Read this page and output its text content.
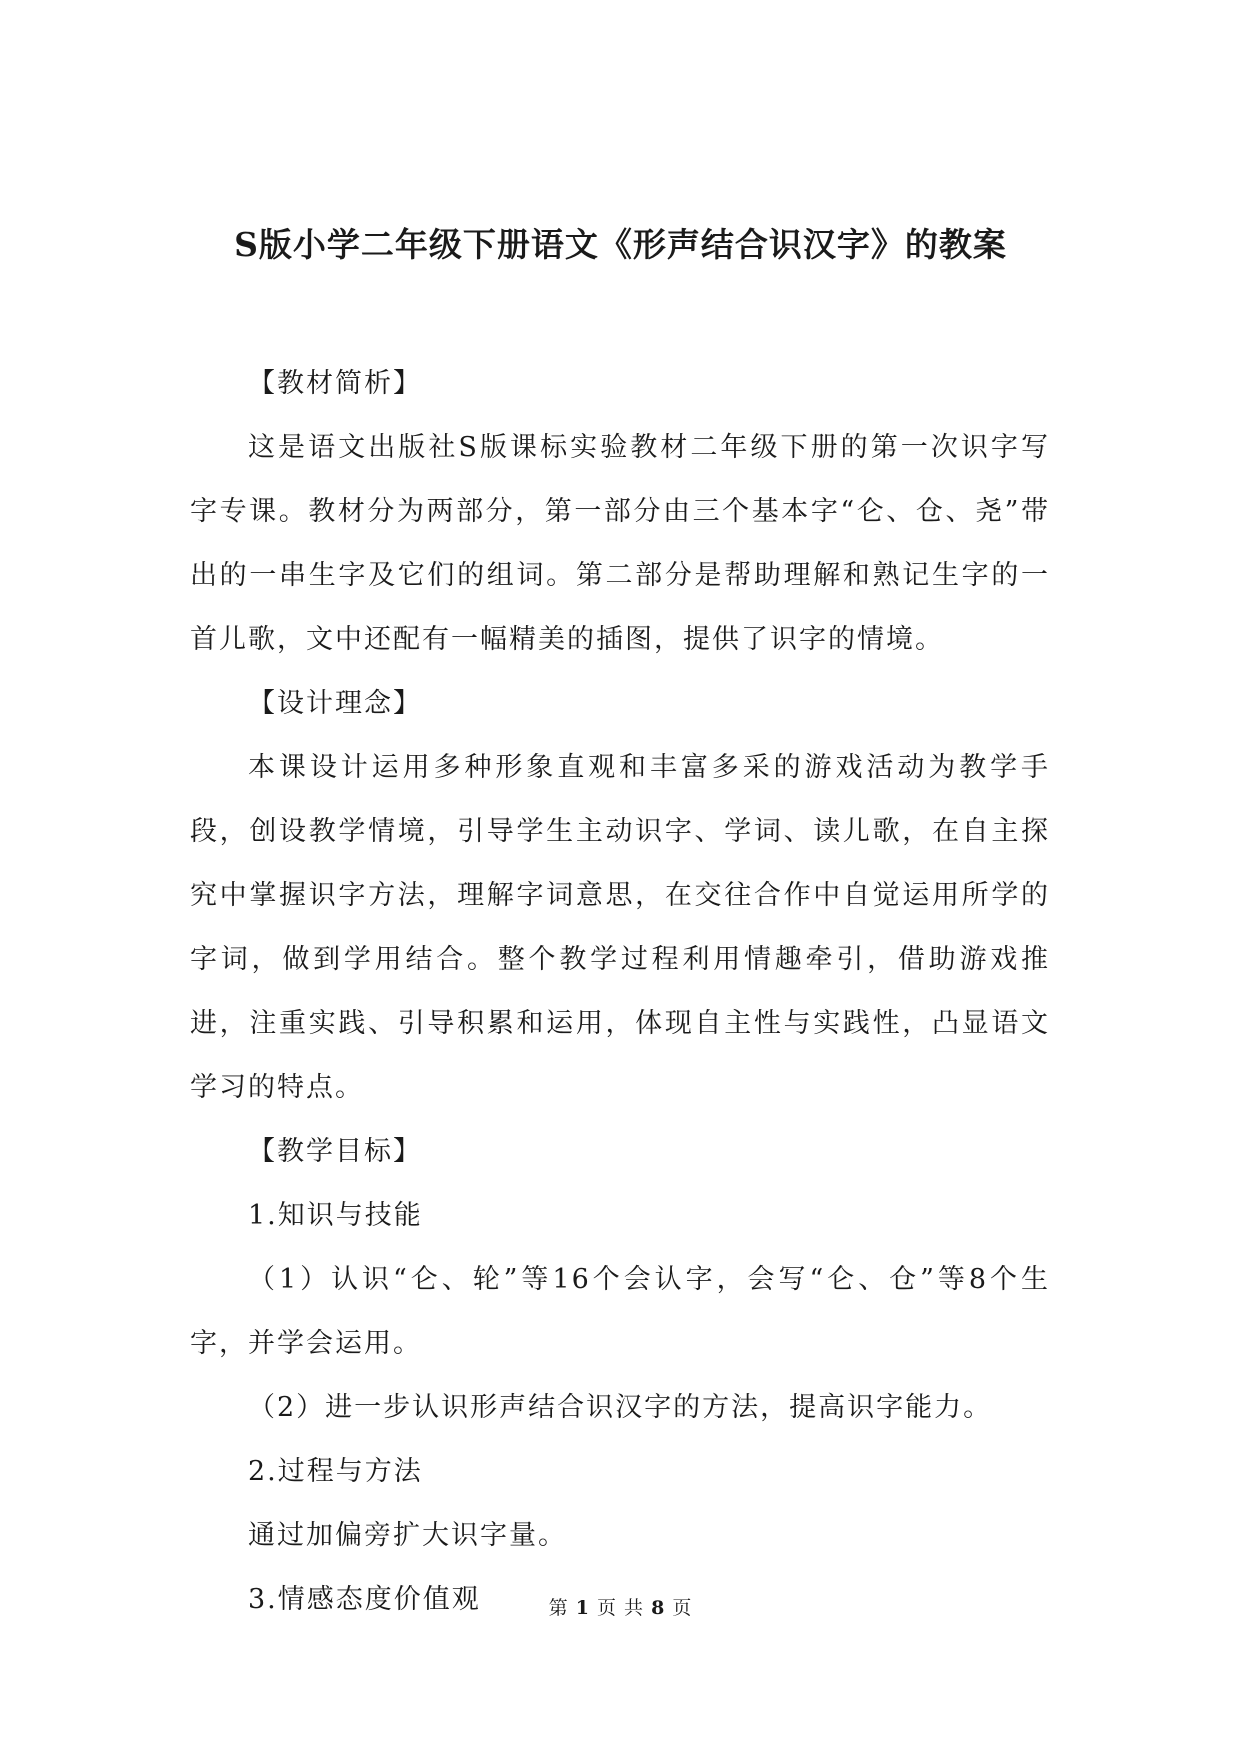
S版小学二年级下册语文《形声结合识汉字》的教案

【教材简析】

这是语文出版社S版课标实验教材二年级下册的第一次识字写字专课。教材分为两部分，第一部分由三个基本字“仑、仓、尧”带出的一串生字及它们的组词。第二部分是帮助理解和熟记生字的一首儿歌，文中还配有一幅精美的插图，提供了识字的情境。

【设计理念】

本课设计运用多种形象直观和丰富多采的游戏活动为教学手段，创设教学情境，引导学生主动识字、学词、读儿歌，在自主探究中掌握识字方法，理解字词意思，在交往合作中自觉运用所学的字词，做到学用结合。整个教学过程利用情趣牵引，借助游戏推进，注重实践、引导积累和运用，体现自主性与实践性，凸显语文学习的特点。

【教学目标】

1.知识与技能

（1）认识“仑、轮”等16个会认字，会写“仑、仓”等8个生字，并学会运用。

（2）进一步认识形声结合识汉字的方法，提高识字能力。

2.过程与方法

通过加偏旁扩大识字量。

3.情感态度价值观	第 1 页 共 8 页
